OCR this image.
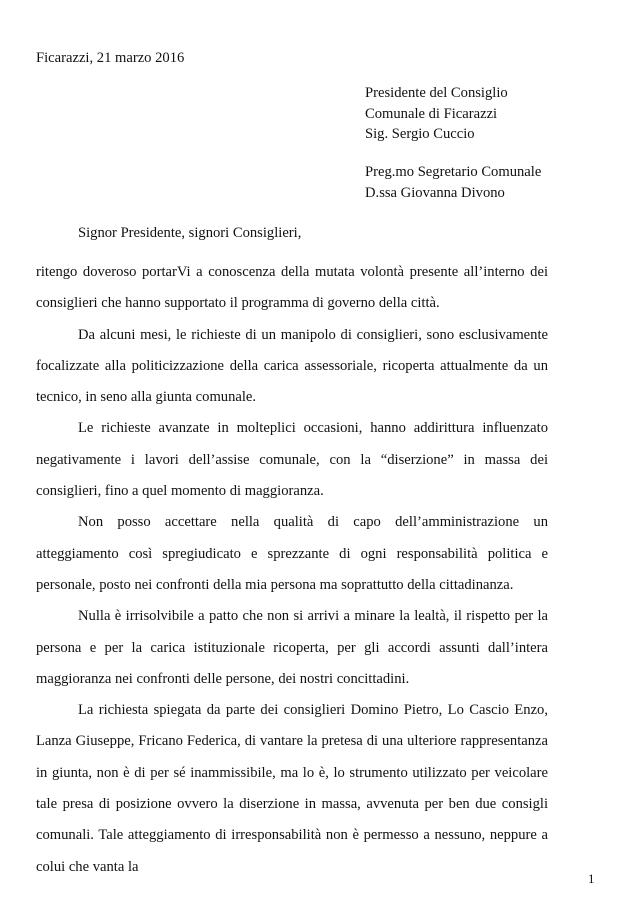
Ficarazzi, 21 marzo 2016
Presidente del Consiglio
Comunale di Ficarazzi
Sig. Sergio Cuccio
Preg.mo Segretario Comunale
D.ssa Giovanna Divono
Signor Presidente, signori Consiglieri,

ritengo doveroso portarVi a conoscenza della mutata volontà presente all’interno dei consiglieri che hanno supportato il programma di governo della città.

Da alcuni mesi, le richieste di un manipolo di consiglieri, sono esclusivamente focalizzate alla politicizzazione della carica assessoriale, ricoperta attualmente da un tecnico, in seno alla giunta comunale.

Le richieste avanzate in molteplici occasioni, hanno addirittura influenzato negativamente i lavori dell’assise comunale, con la “diserzione” in massa dei consiglieri, fino a quel momento di maggioranza.

Non posso accettare nella qualità di capo dell’amministrazione un atteggiamento così spregiudicato e sprezzante di ogni responsabilità politica e personale, posto nei confronti della mia persona ma soprattutto della cittadinanza.

Nulla è irrisolvibile a patto che non si arrivi a minare la lealtà, il rispetto per la persona e per la carica istituzionale ricoperta, per gli accordi assunti dall’intera maggioranza nei confronti delle persone, dei nostri concittadini.

La richiesta spiegata da parte dei consiglieri Domino Pietro, Lo Cascio Enzo, Lanza Giuseppe, Fricano Federica, di vantare la pretesa di una ulteriore rappresentanza in giunta, non è di per sé inammissibile, ma lo è, lo strumento utilizzato per veicolare tale presa di posizione ovvero la diserzione in massa, avvenuta per ben due consigli comunali. Tale atteggiamento di irresponsabilità non è permesso a nessuno, neppure a colui che vanta la

1
